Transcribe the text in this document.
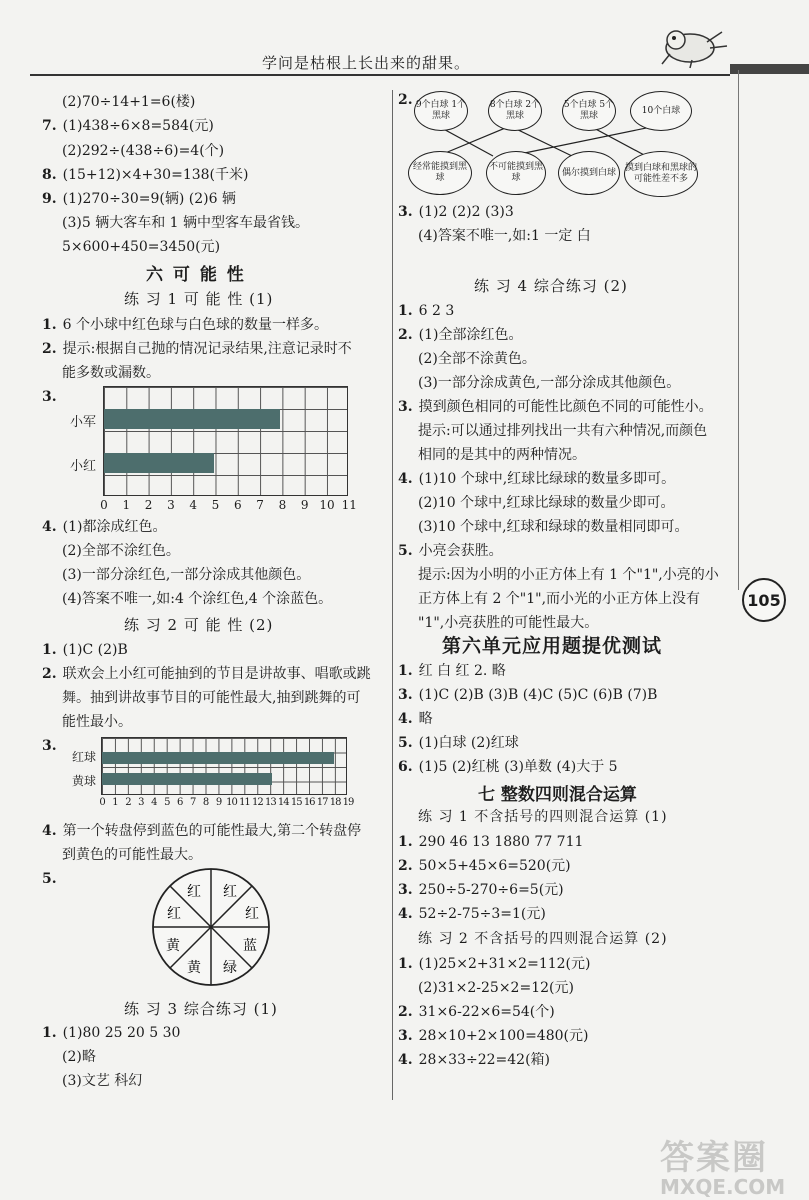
学问是枯根上长出来的甜果。
(2)70÷14+1=6(楼)
7. (1)438÷6×8=584(元)
(2)292÷(438÷6)=4(个)
8. (15+12)×4+30=138(千米)
9. (1)270÷30=9(辆) (2)6 辆
(3)5 辆大客车和 1 辆中型客车最省钱。
5×600+450=3450(元)
六 可 能 性
练 习 1 可 能 性 (1)
1. 6 个小球中红色球与白色球的数量一样多。
2. 提示:根据自己抛的情况记录结果,注意记录时不
能多数或漏数。
3.
小军
小红
0	1	2	3	4	5	6	7	8	9 10 11
4. (1)都涂成红色。
(2)全部不涂红色。
(3)一部分涂红色,一部分涂成其他颜色。
(4)答案不唯一,如:4 个涂红色,4 个涂蓝色。
练 习 2 可 能 性 (2)
1. (1)C (2)B
2. 联欢会上小红可能抽到的节目是讲故事、唱歌或跳
舞。抽到讲故事节目的可能性最大,抽到跳舞的可
能性最小。
3.
红球
黄球
0 1 2 3 4 5 6 7 8 9 10 11 12 13 14 15 16 17 18 19
4. 第一个转盘停到蓝色的可能性最大,第二个转盘停
到黄色的可能性最大。
5.
红 红
红
蓝
绿
黄
黄
红
练 习 3 综合练习 (1)
1. (1)80 25 20 5 30
(2)略
(3)文艺 科幻
2. 9个白球 1个黑球
8个白球 2个黑球
5个白球 5个黑球
10个白球
经常能摸到黑球
不可能摸到黑球
偶尔摸到白球	摸到白球和黑球的可能性差不多
3. (1)2 (2)2 (3)3
(4)答案不唯一,如:1 一定 白
练 习 4 综合练习 (2)
1. 6 2 3
2. (1)全部涂红色。
(2)全部不涂黄色。
(3)一部分涂成黄色,一部分涂成其他颜色。
3. 摸到颜色相同的可能性比颜色不同的可能性小。
提示:可以通过排列找出一共有六种情况,而颜色
相同的是其中的两种情况。
4. (1)10 个球中,红球比绿球的数量多即可。
(2)10 个球中,红球比绿球的数量少即可。
(3)10 个球中,红球和绿球的数量相同即可。
5. 小亮会获胜。
提示:因为小明的小正方体上有 1 个"1",小亮的小
正方体上有 2 个"1",而小光的小正方体上没有
"1",小亮获胜的可能性最大。
105
第六单元应用题提优测试
1. 红 白 红 2. 略
3. (1)C (2)B (3)B (4)C (5)C (6)B (7)B
4. 略
5. (1)白球 (2)红球
6. (1)5 (2)红桃 (3)单数 (4)大于 5
七 整数四则混合运算
练 习 1 不含括号的四则混合运算 (1)
1. 290 46 13 1880 77 711
2. 50×5+45×6=520(元)
3. 250÷5-270÷6=5(元)
4. 52÷2-75÷3=1(元)
练 习 2 不含括号的四则混合运算 (2)
1. (1)25×2+31×2=112(元)
(2)31×2-25×2=12(元)
2. 31×6-22×6=54(个)
3. 28×10+2×100=480(元)
4. 28×33÷22=42(箱)
答案圈
MXQE.COM
